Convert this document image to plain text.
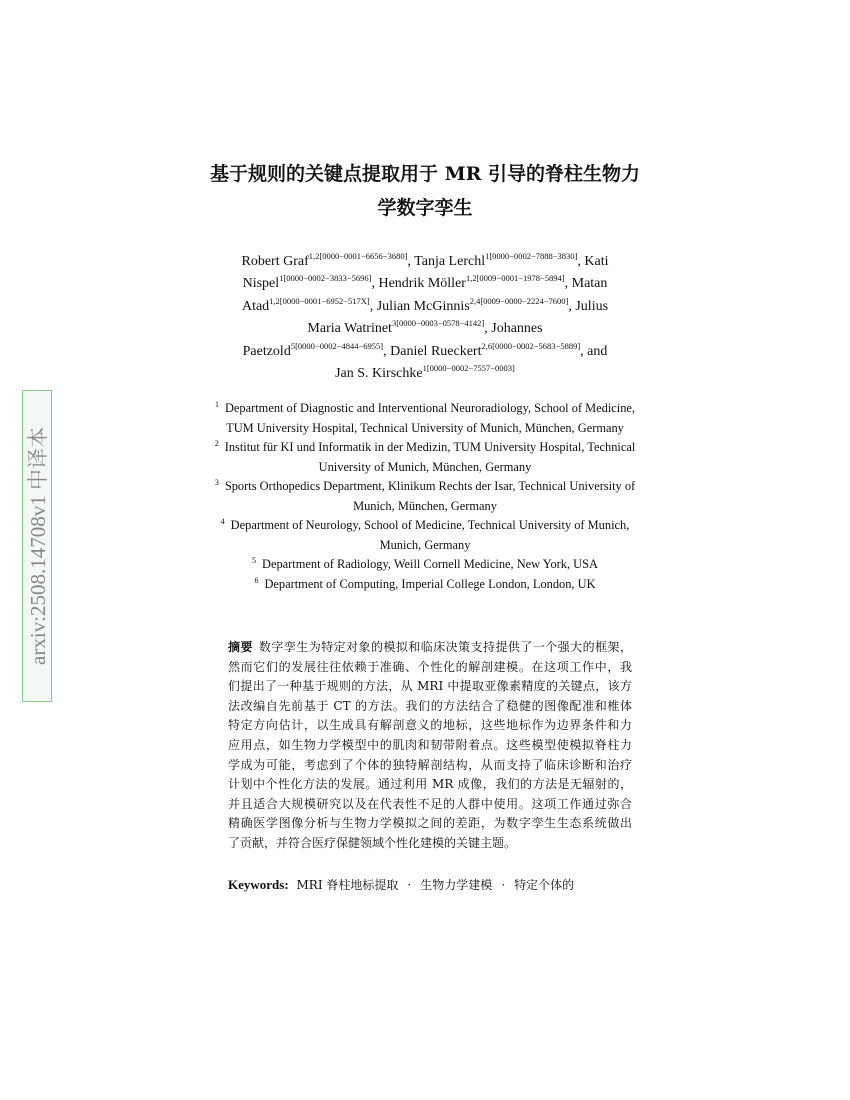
arxiv:2508.14708v1 中译本
基于规则的关键点提取用于 MR 引导的脊柱生物力
学数字孪生
Robert Graf$^{1,2[0000-0001-6656-3680]}$, Tanja Lerchl$^{1[0000-0002-7888-3830]}$, Kati
Nispel$^{1[0000-0002-3833-5696]}$, Hendrik Möller$^{1,2[0009-0001-1978-5894]}$, Matan
Atad$^{1,2[0000-0001-6952-517X]}$, Julian McGinnis$^{2,4[0009-0000-2224-7600]}$, Julius
Maria Watrinet$^{3[0000-0003-0578-4142]}$, Johannes
Paetzold$^{5[0000-0002-4844-6955]}$, Daniel Rueckert$^{2,6[0000-0002-5683-5889]}$, and
Jan S. Kirschke$^{1[0000-0002-7557-0003]}$
$^1$ Department of Diagnostic and Interventional Neuroradiology, School of Medicine,
TUM University Hospital, Technical University of Munich, München, Germany
$^2$ Institut für KI und Informatik in der Medizin, TUM University Hospital, Technical
University of Munich, München, Germany
$^3$ Sports Orthopedics Department, Klinikum Rechts der Isar, Technical University of
Munich, München, Germany
$^4$ Department of Neurology, School of Medicine, Technical University of Munich,
Munich, Germany
$^5$ Department of Radiology, Weill Cornell Medicine, New York, USA
$^6$ Department of Computing, Imperial College London, London, UK
摘要 数字孪生为特定对象的模拟和临床决策支持提供了一个强大的框架，
然而它们的发展往往依赖于准确、个性化的解剖建模。在这项工作中，我
们提出了一种基于规则的方法，从 MRI 中提取亚像素精度的关键点，该方
法改编自先前基于 CT 的方法。我们的方法结合了稳健的图像配准和椎体
特定方向估计，以生成具有解剖意义的地标，这些地标作为边界条件和力
应用点，如生物力学模型中的肌肉和韧带附着点。这些模型使模拟脊柱力
学成为可能，考虑到了个体的独特解剖结构，从而支持了临床诊断和治疗
计划中个性化方法的发展。通过利用 MR 成像，我们的方法是无辐射的，
并且适合大规模研究以及在代表性不足的人群中使用。这项工作通过弥合
精确医学图像分析与生物力学模拟之间的差距，为数字孪生生态系统做出
了贡献，并符合医疗保健领域个性化建模的关键主题。
Keywords: MRI 脊柱地标提取 · 生物力学建模 · 特定个体的
